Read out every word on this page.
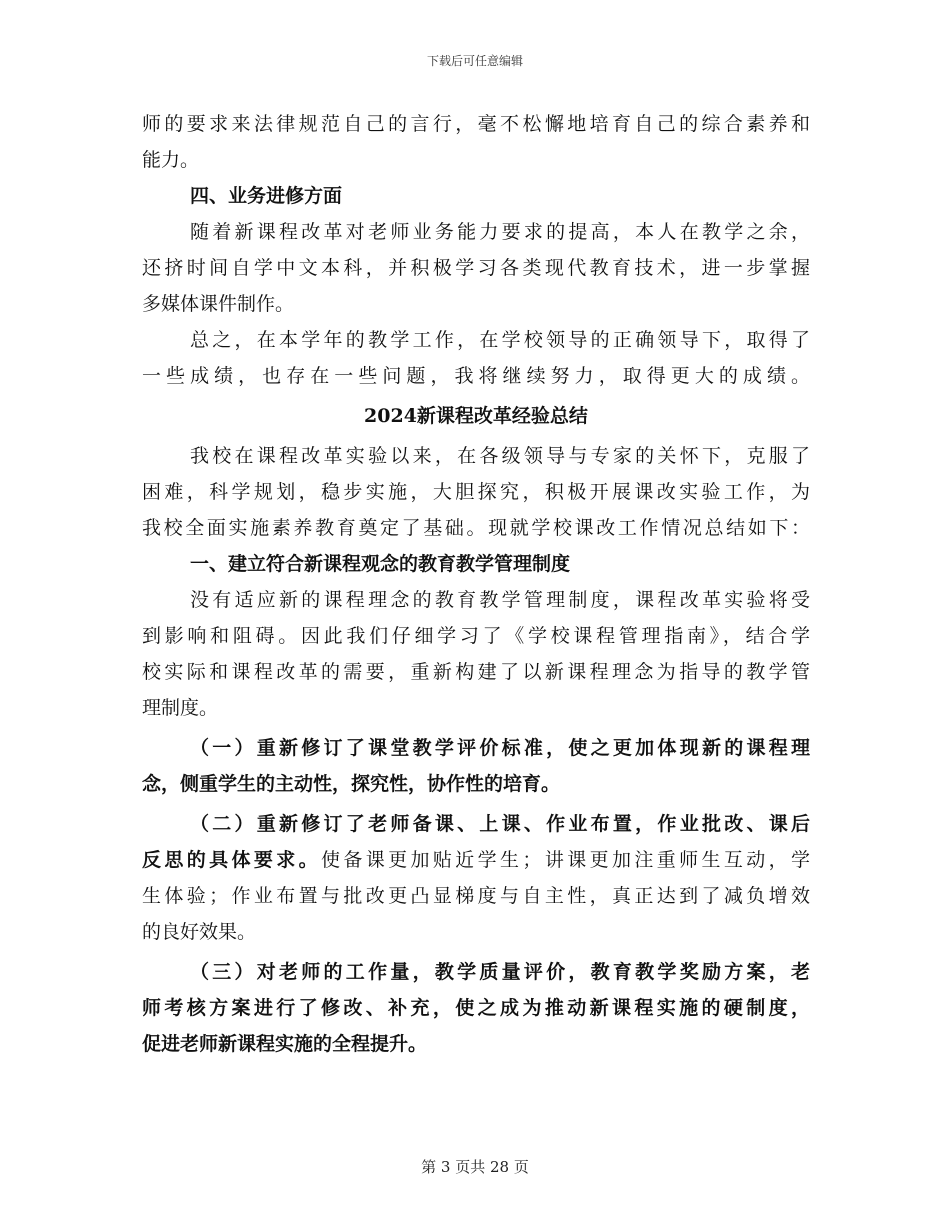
下载后可任意编辑
师的要求来法律规范自己的言行，毫不松懈地培育自己的综合素养和
能力。
四、业务进修方面
随着新课程改革对老师业务能力要求的提高，本人在教学之余，
还挤时间自学中文本科，并积极学习各类现代教育技术，进一步掌握
多媒体课件制作。
总之，在本学年的教学工作，在学校领导的正确领导下，取得了
一些成绩，也存在一些问题，我将继续努力，取得更大的成绩。
2024新课程改革经验总结
我校在课程改革实验以来，在各级领导与专家的关怀下，克服了
困难，科学规划，稳步实施，大胆探究，积极开展课改实验工作，为
我校全面实施素养教育奠定了基础。现就学校课改工作情况总结如下：
一、建立符合新课程观念的教育教学管理制度
没有适应新的课程理念的教育教学管理制度，课程改革实验将受
到影响和阻碍。因此我们仔细学习了《学校课程管理指南》，结合学
校实际和课程改革的需要，重新构建了以新课程理念为指导的教学管
理制度。
（一）重新修订了课堂教学评价标准，使之更加体现新的课程理
念，侧重学生的主动性，探究性，协作性的培育。
（二）重新修订了老师备课、上课、作业布置，作业批改、课后
反思的具体要求。使备课更加贴近学生；讲课更加注重师生互动，学
生体验；作业布置与批改更凸显梯度与自主性，真正达到了减负增效
的良好效果。
（三）对老师的工作量，教学质量评价，教育教学奖励方案，老
师考核方案进行了修改、补充，使之成为推动新课程实施的硬制度，
促进老师新课程实施的全程提升。
第 3 页共 28 页
